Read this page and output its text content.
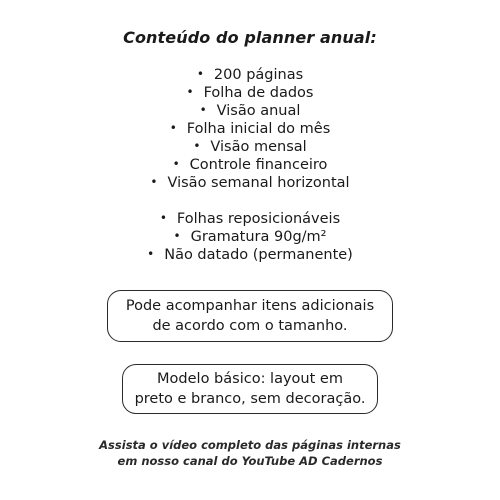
Conteúdo do planner anual:
• 200 páginas
• Folha de dados
• Visão anual
• Folha inicial do mês
• Visão mensal
• Controle financeiro
• Visão semanal horizontal
• Folhas reposicionáveis
• Gramatura 90g/m²
• Não datado (permanente)
Pode acompanhar itens adicionais
de acordo com o tamanho.
Modelo básico: layout em
preto e branco, sem decoração.
Assista o vídeo completo das páginas internas
em nosso canal do YouTube AD Cadernos
